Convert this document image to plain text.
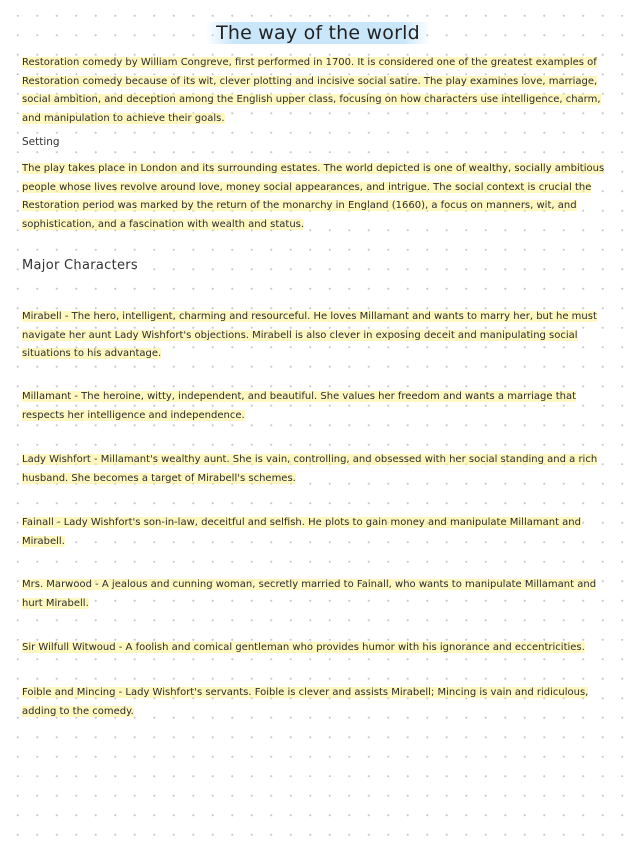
The way of the world
Restoration comedy by William Congreve, first performed in 1700. It is considered one of the greatest examples of Restoration comedy because of its wit, clever plotting and incisive social satire. The play examines love, marriage, social ambition, and deception among the English upper class, focusing on how characters use intelligence, charm, and manipulation to achieve their goals.
Setting
The play takes place in London and its surrounding estates. The world depicted is one of wealthy, socially ambitious people whose lives revolve around love, money social appearances, and intrigue. The social context is crucial the Restoration period was marked by the return of the monarchy in England (1660), a focus on manners, wit, and sophistication, and a fascination with wealth and status.
Major Characters
Mirabell - The hero, intelligent, charming and resourceful. He loves Millamant and wants to marry her, but he must navigate her aunt Lady Wishfort's objections. Mirabell is also clever in exposing deceit and manipulating social situations to his advantage.
Millamant - The heroine, witty, independent, and beautiful. She values her freedom and wants a marriage that respects her intelligence and independence.
Lady Wishfort - Millamant's wealthy aunt. She is vain, controlling, and obsessed with her social standing and a rich husband. She becomes a target of Mirabell's schemes.
Fainall - Lady Wishfort's son-in-law, deceitful and selfish. He plots to gain money and manipulate Millamant and Mirabell.
Mrs. Marwood - A jealous and cunning woman, secretly married to Fainall, who wants to manipulate Millamant and hurt Mirabell.
Sir Wilfull Witwoud - A foolish and comical gentleman who provides humor with his ignorance and eccentricities.
Foible and Mincing - Lady Wishfort's servants. Foible is clever and assists Mirabell; Mincing is vain and ridiculous, adding to the comedy.
